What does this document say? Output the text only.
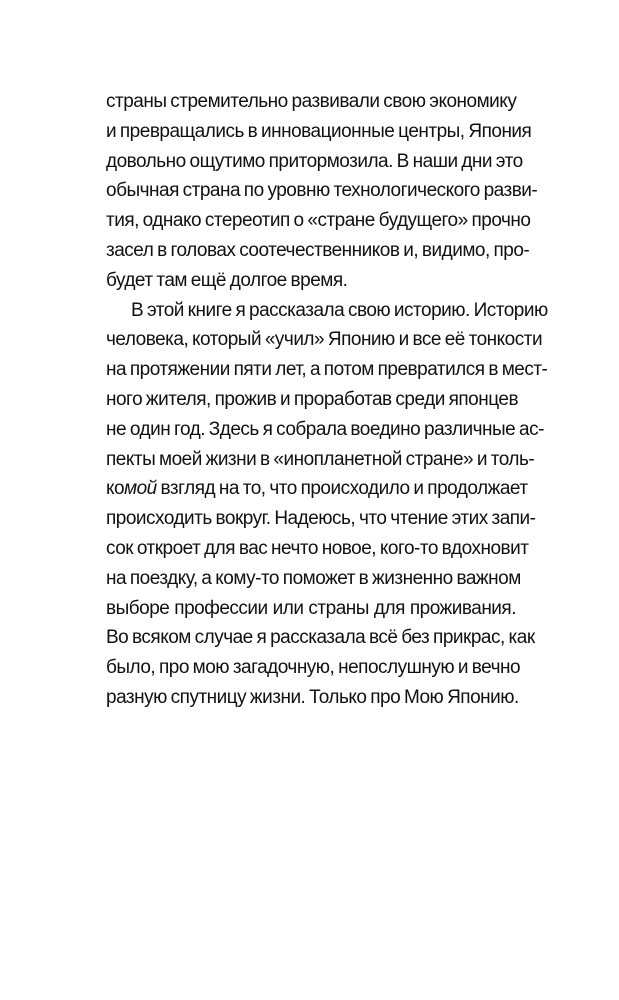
страны стремительно развивали свою экономику
и превращались в инновационные центры, Япония
довольно ощутимо притормозила. В наши дни это
обычная страна по уровню технологического разви-
тия, однако стереотип о «стране будущего» прочно
засел в головах соотечественников и, видимо, про-
будет там ещё долгое время.
В этой книге я рассказала свою историю. Историю
человека, который «учил» Японию и все её тонкости
на протяжении пяти лет, а потом превратился в мест-
ного жителя, прожив и проработав среди японцев
не один год. Здесь я собрала воедино различные ас-
пекты моей жизни в «инопланетной стране» и толь-
комой взгляд на то, что происходило и продолжает
происходить вокруг. Надеюсь, что чтение этих запи-
сок откроет для вас нечто новое, кого-то вдохновит
на поездку, а кому-то поможет в жизненно важном
выборе профессии или страны для проживания.
Во всяком случае я рассказала всё без прикрас, как
было, про мою загадочную, непослушную и вечно
разную спутницу жизни. Только про Мою Японию.
